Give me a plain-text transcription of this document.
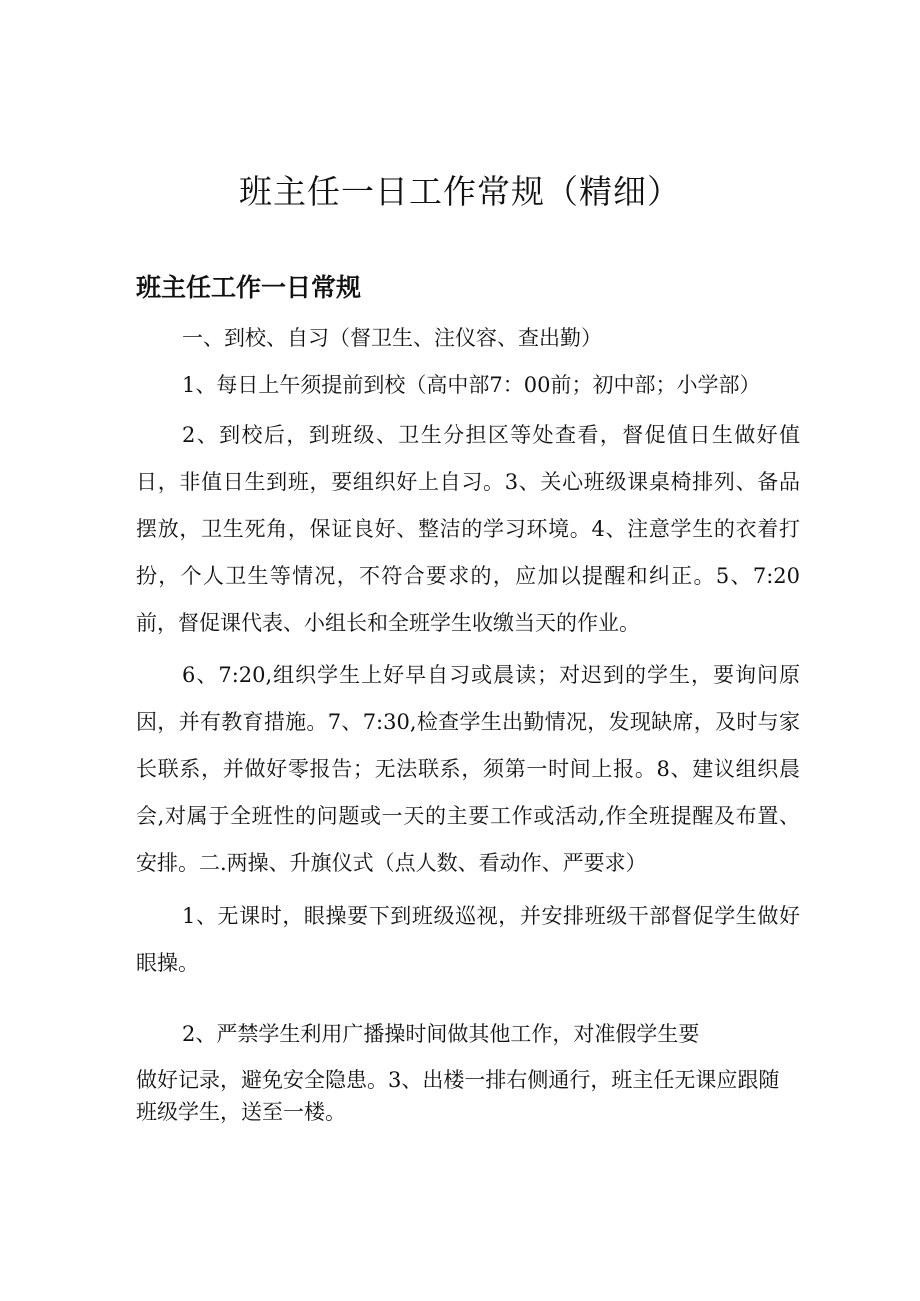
班主任一日工作常规（精细）
班主任工作一日常规

一、到校、自习（督卫生、注仪容、查出勤）

1、每日上午须提前到校（高中部7：00前；初中部；小学部）

2、到校后，到班级、卫生分担区等处查看，督促值日生做好值日，非值日生到班，要组织好上自习。3、关心班级课桌椅排列、备品摆放，卫生死角，保证良好、整洁的学习环境。4、注意学生的衣着打扮，个人卫生等情况，不符合要求的，应加以提醒和纠正。5、7:20前，督促课代表、小组长和全班学生收缴当天的作业。

6、7:20,组织学生上好早自习或晨读；对迟到的学生，要询问原因，并有教育措施。7、7:30,检查学生出勤情况，发现缺席，及时与家长联系，并做好零报告；无法联系，须第一时间上报。8、建议组织晨会,对属于全班性的问题或一天的主要工作或活动,作全班提醒及布置、安排。二.两操、升旗仪式（点人数、看动作、严要求）

1、无课时，眼操要下到班级巡视，并安排班级干部督促学生做好眼操。

2、严禁学生利用广播操时间做其他工作，对准假学生要

做好记录，避免安全隐患。3、出楼一排右侧通行，班主任无课应跟随

班级学生，送至一楼。
